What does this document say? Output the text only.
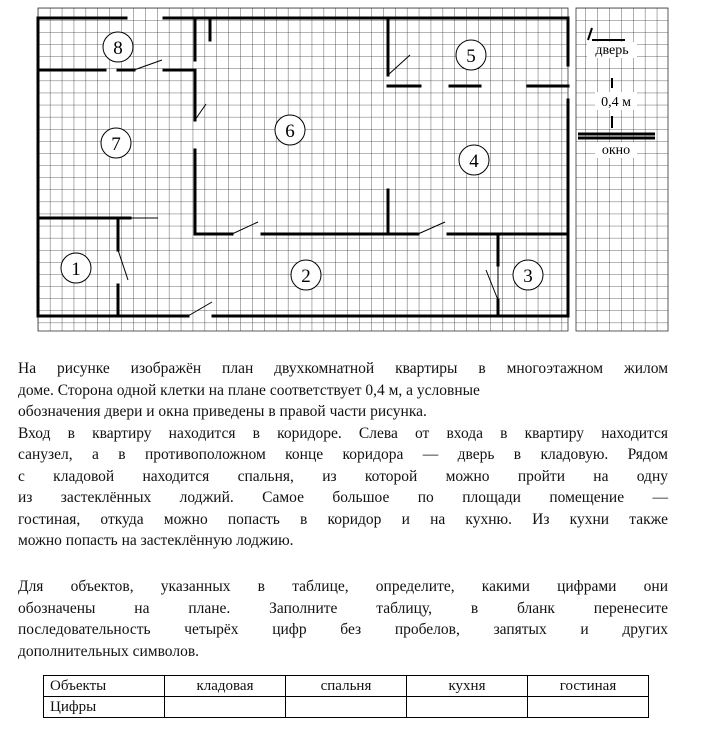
8	5
6
7
4
1	2	3
дверь
0,4 м
окно

На рисунке изображён план двухкомнатной квартиры в многоэтажном жилом
доме. Сторона одной клетки на плане соответствует 0,4 м, а условные
обозначения двери и окна приведены в правой части рисунка.
Вход в квартиру находится в коридоре. Слева от входа в квартиру находится
санузел, а в противоположном конце коридора — дверь в кладовую. Рядом
с кладовой находится спальня, из которой можно пройти на одну
из застеклённых лоджий. Самое большое по площади помещение —
гостиная, откуда можно попасть в коридор и на кухню. Из кухни также
можно попасть на застеклённую лоджию.

Для объектов, указанных в таблице, определите, какими цифрами они
обозначены на плане. Заполните таблицу, в бланк перенесите
последовательность четырёх цифр без пробелов, запятых и других
дополнительных символов.

Объекты	кладовая	спальня	кухня	гостиная
Цифры				
